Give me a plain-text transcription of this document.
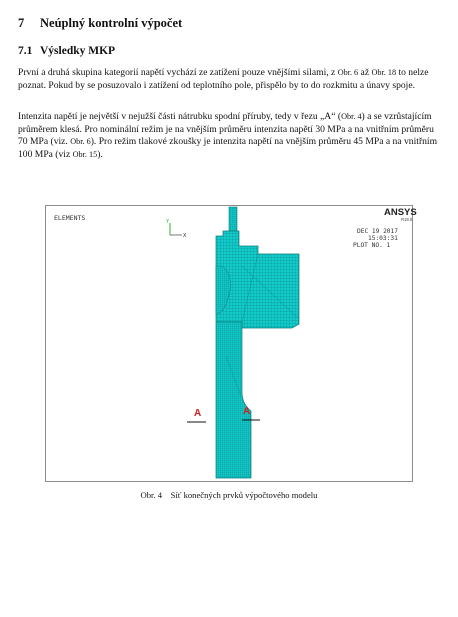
7 Neúplný kontrolní výpočet
7.1 Výsledky MKP

První a druhá skupina kategorií napětí vychází ze zatížení pouze vnějšími silami, z Obr. 6 až Obr. 18 to nelze poznat. Pokud by se posuzovalo i zatížení od teplotního pole, přispělo by to do rozkmitu a únavy spoje.

Intenzita napětí je největší v nejužší části nátrubku spodní příruby, tedy v řezu „A“ (Obr. 4) a se vzrůstajícím průměrem klesá. Pro nominální režim je na vnějším průměru intenzita napětí 30 MPa a na vnitřním průměru 70 MPa (viz. Obr. 6). Pro režim tlakové zkoušky je intenzita napětí na vnějším průměru 45 MPa a na vnitřním 100 MPa (viz Obr. 15).

ELEMENTS	ANSYS
R18.0
DEC 19 2017
15:03:31
PLOT NO. 1
Y
X
A	A
Obr. 4 Síť konečných prvků výpočtového modelu
